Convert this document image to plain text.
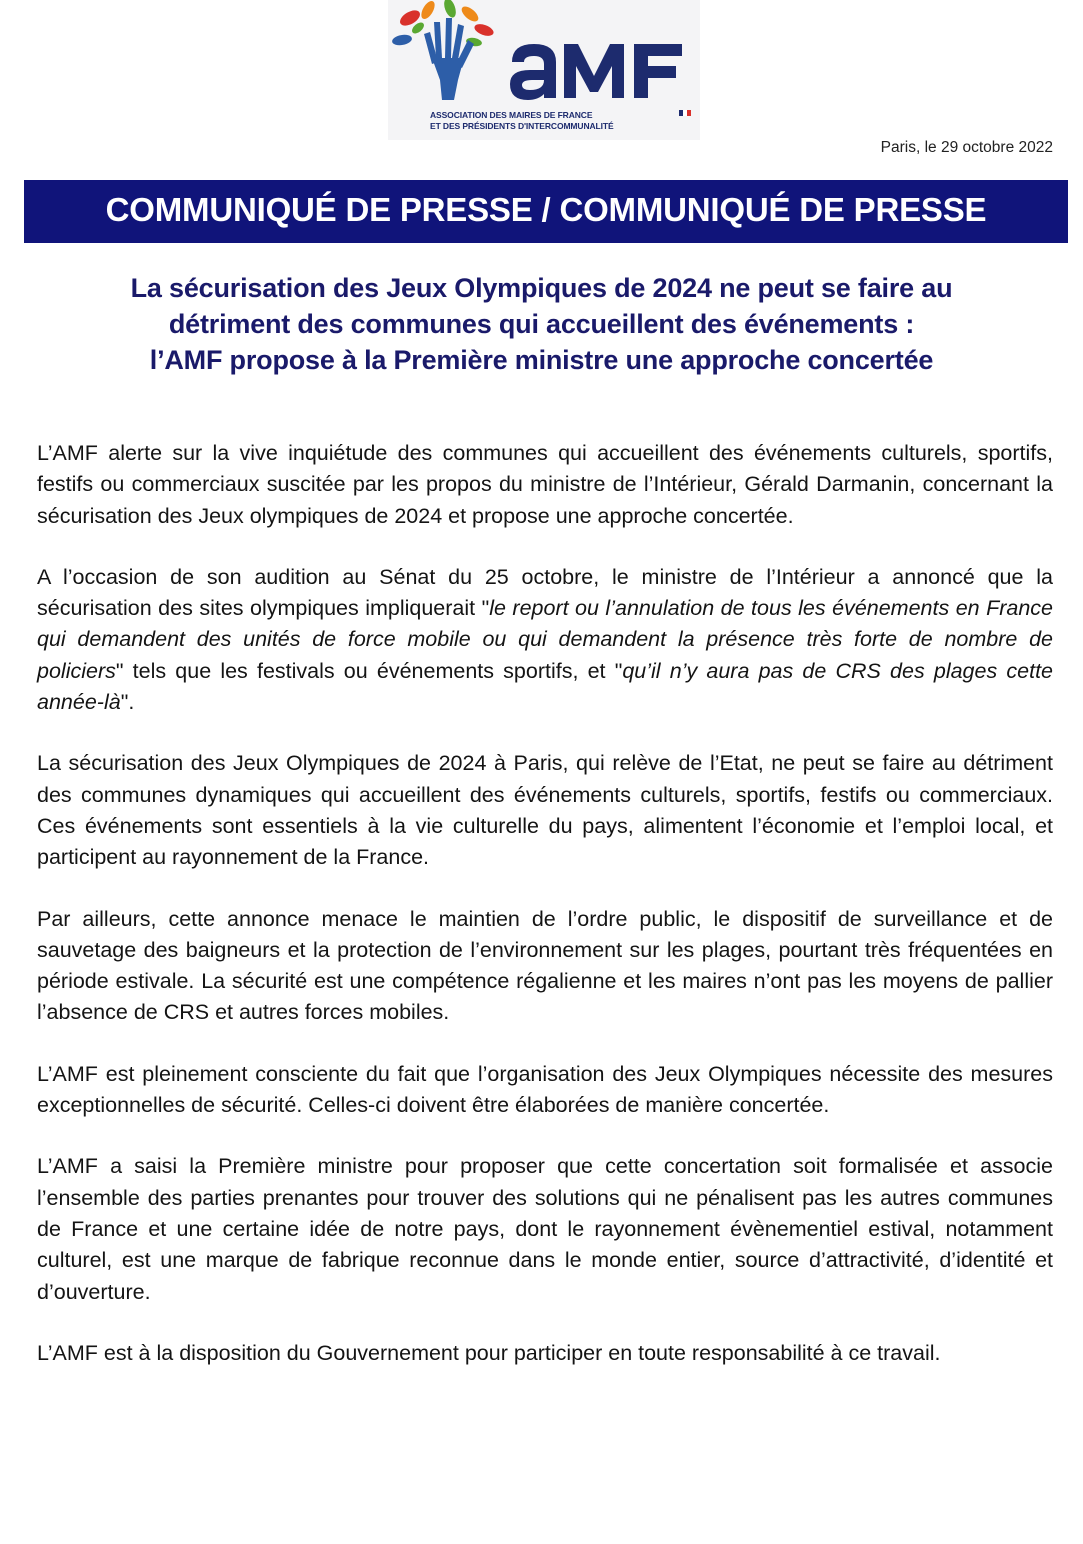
ASSOCIATION DES MAIRES DE FRANCE
ET DES PRÉSIDENTS D'INTERCOMMUNALITÉ
Paris, le 29 octobre 2022
COMMUNIQUÉ DE PRESSE / COMMUNIQUÉ DE PRESSE
La sécurisation des Jeux Olympiques de 2024 ne peut se faire au
détriment des communes qui accueillent des événements :
l’AMF propose à la Première ministre une approche concertée

L’AMF alerte sur la vive inquiétude des communes qui accueillent des événements culturels, sportifs, festifs ou commerciaux suscitée par les propos du ministre de l’Intérieur, Gérald Darmanin, concernant la sécurisation des Jeux olympiques de 2024 et propose une approche concertée.

A l’occasion de son audition au Sénat du 25 octobre, le ministre de l’Intérieur a annoncé que la sécurisation des sites olympiques impliquerait "le report ou l’annulation de tous les événements en France qui demandent des unités de force mobile ou qui demandent la présence très forte de nombre de policiers" tels que les festivals ou événements sportifs, et "qu’il n’y aura pas de CRS des plages cette année-là".

La sécurisation des Jeux Olympiques de 2024 à Paris, qui relève de l’Etat, ne peut se faire au détriment des communes dynamiques qui accueillent des événements culturels, sportifs, festifs ou commerciaux. Ces événements sont essentiels à la vie culturelle du pays, alimentent l’économie et l’emploi local, et participent au rayonnement de la France.

Par ailleurs, cette annonce menace le maintien de l’ordre public, le dispositif de surveillance et de sauvetage des baigneurs et la protection de l’environnement sur les plages, pourtant très fréquentées en période estivale. La sécurité est une compétence régalienne et les maires n’ont pas les moyens de pallier l’absence de CRS et autres forces mobiles.

L’AMF est pleinement consciente du fait que l’organisation des Jeux Olympiques nécessite des mesures exceptionnelles de sécurité. Celles-ci doivent être élaborées de manière concertée.

L’AMF a saisi la Première ministre pour proposer que cette concertation soit formalisée et associe l’ensemble des parties prenantes pour trouver des solutions qui ne pénalisent pas les autres communes de France et une certaine idée de notre pays, dont le rayonnement évènementiel estival, notamment culturel, est une marque de fabrique reconnue dans le monde entier, source d’attractivité, d’identité et d’ouverture.

L’AMF est à la disposition du Gouvernement pour participer en toute responsabilité à ce travail.
